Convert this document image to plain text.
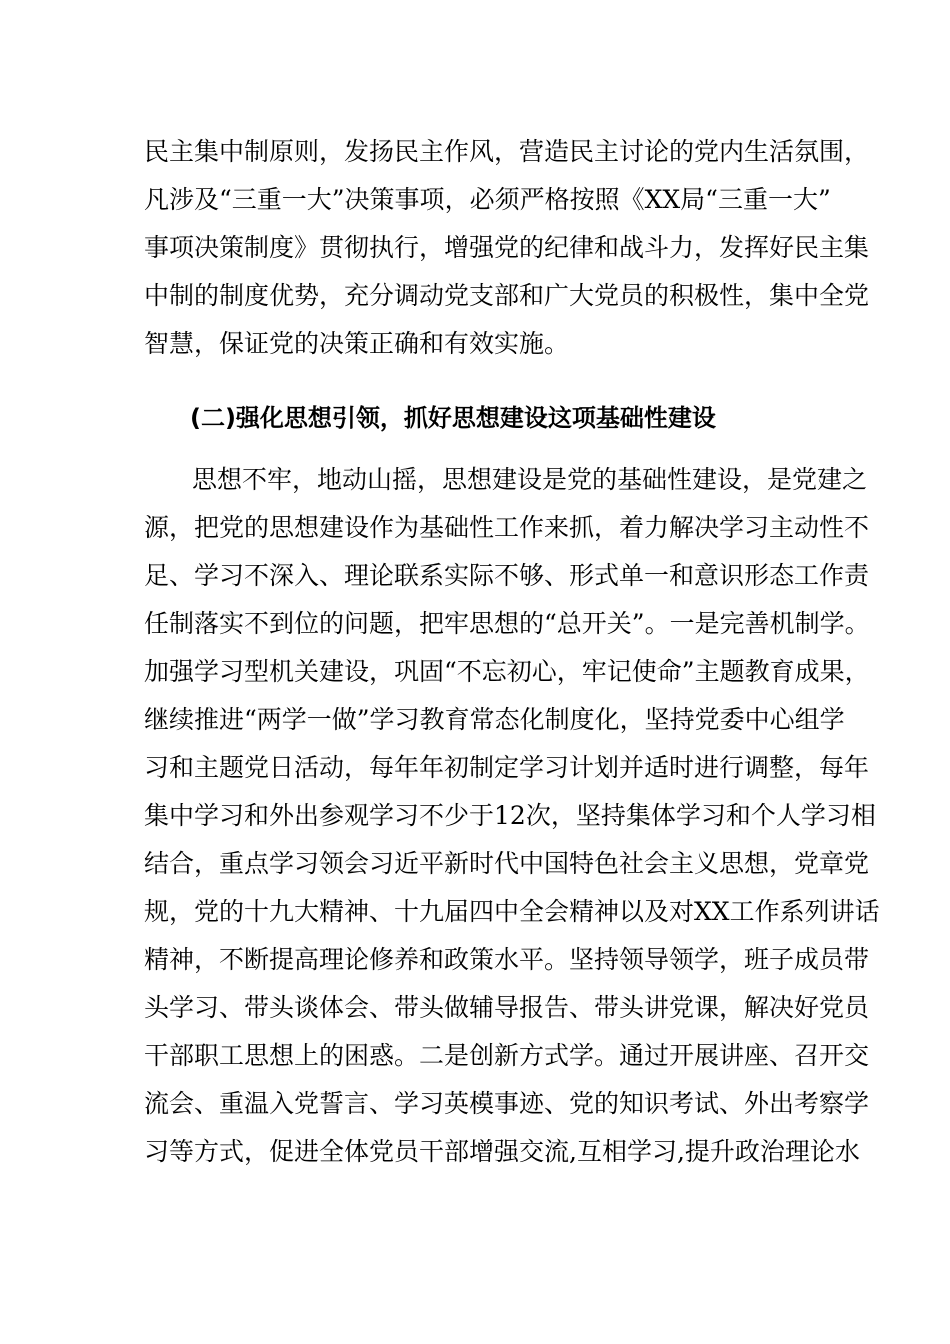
民主集中制原则，发扬民主作风，营造民主讨论的党内生活氛围，
凡涉及“三重一大”决策事项，必须严格按照《XX局“三重一大”
事项决策制度》贯彻执行，增强党的纪律和战斗力，发挥好民主集
中制的制度优势，充分调动党支部和广大党员的积极性，集中全党
智慧，保证党的决策正确和有效实施。
(二)强化思想引领，抓好思想建设这项基础性建设
思想不牢，地动山摇，思想建设是党的基础性建设，是党建之
源，把党的思想建设作为基础性工作来抓，着力解决学习主动性不
足、学习不深入、理论联系实际不够、形式单一和意识形态工作责
任制落实不到位的问题，把牢思想的“总开关”。一是完善机制学。
加强学习型机关建设，巩固“不忘初心，牢记使命”主题教育成果，
继续推进“两学一做”学习教育常态化制度化，坚持党委中心组学
习和主题党日活动，每年年初制定学习计划并适时进行调整，每年
集中学习和外出参观学习不少于12次，坚持集体学习和个人学习相
结合，重点学习领会习近平新时代中国特色社会主义思想，党章党
规，党的十九大精神、十九届四中全会精神以及对XX工作系列讲话
精神，不断提高理论修养和政策水平。坚持领导领学，班子成员带
头学习、带头谈体会、带头做辅导报告、带头讲党课，解决好党员
干部职工思想上的困惑。二是创新方式学。通过开展讲座、召开交
流会、重温入党誓言、学习英模事迹、党的知识考试、外出考察学
习等方式，促进全体党员干部增强交流,互相学习,提升政治理论水
